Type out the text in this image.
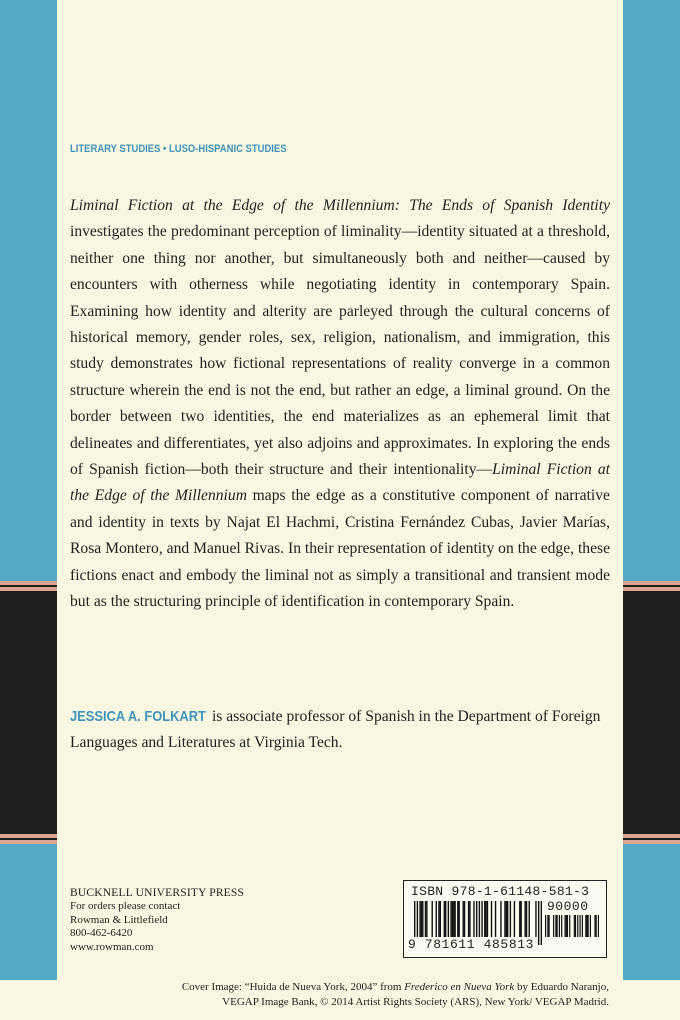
LITERARY STUDIES • LUSO-HISPANIC STUDIES

Liminal Fiction at the Edge of the Millennium: The Ends of Spanish Identity
investigates the predominant perception of liminality—identity situated at a threshold, neither one thing nor another, but simultaneously both and neither—caused by encounters with otherness while negotiating identity in contemporary Spain. Examining how identity and alterity are parleyed through the cultural concerns of historical memory, gender roles, sex, religion, nationalism, and immigration, this study demonstrates how fictional representations of reality converge in a common structure wherein the end is not the end, but rather an edge, a liminal ground. On the border between two identities, the end materializes as an ephemeral limit that delineates and differentiates, yet also adjoins and approximates. In exploring the ends of Spanish fiction—both their structure and their intentionality—Liminal Fiction at the Edge of the Millennium maps the edge as a constitutive component of narrative and identity in texts by Najat El Hachmi, Cristina Fernández Cubas, Javier Marías, Rosa Montero, and Manuel Rivas. In their representation of identity on the edge, these fictions enact and embody the liminal not as simply a transitional and transient mode but as the structuring principle of identification in contemporary Spain.

JESSICA A. FOLKART is associate professor of Spanish in the Department of Foreign Languages and Literatures at Virginia Tech.

BUCKNELL UNIVERSITY PRESS
For orders please contact
Rowman & Littlefield
800-462-6420
www.rowman.com
ISBN 978-1-61148-581-3
90000
9 781611 485813
Cover Image: “Huida de Nueva York, 2004” from Frederico en Nueva York by Eduardo Naranjo,
VEGAP Image Bank, © 2014 Artist Rights Society (ARS), New York/ VEGAP Madrid.
